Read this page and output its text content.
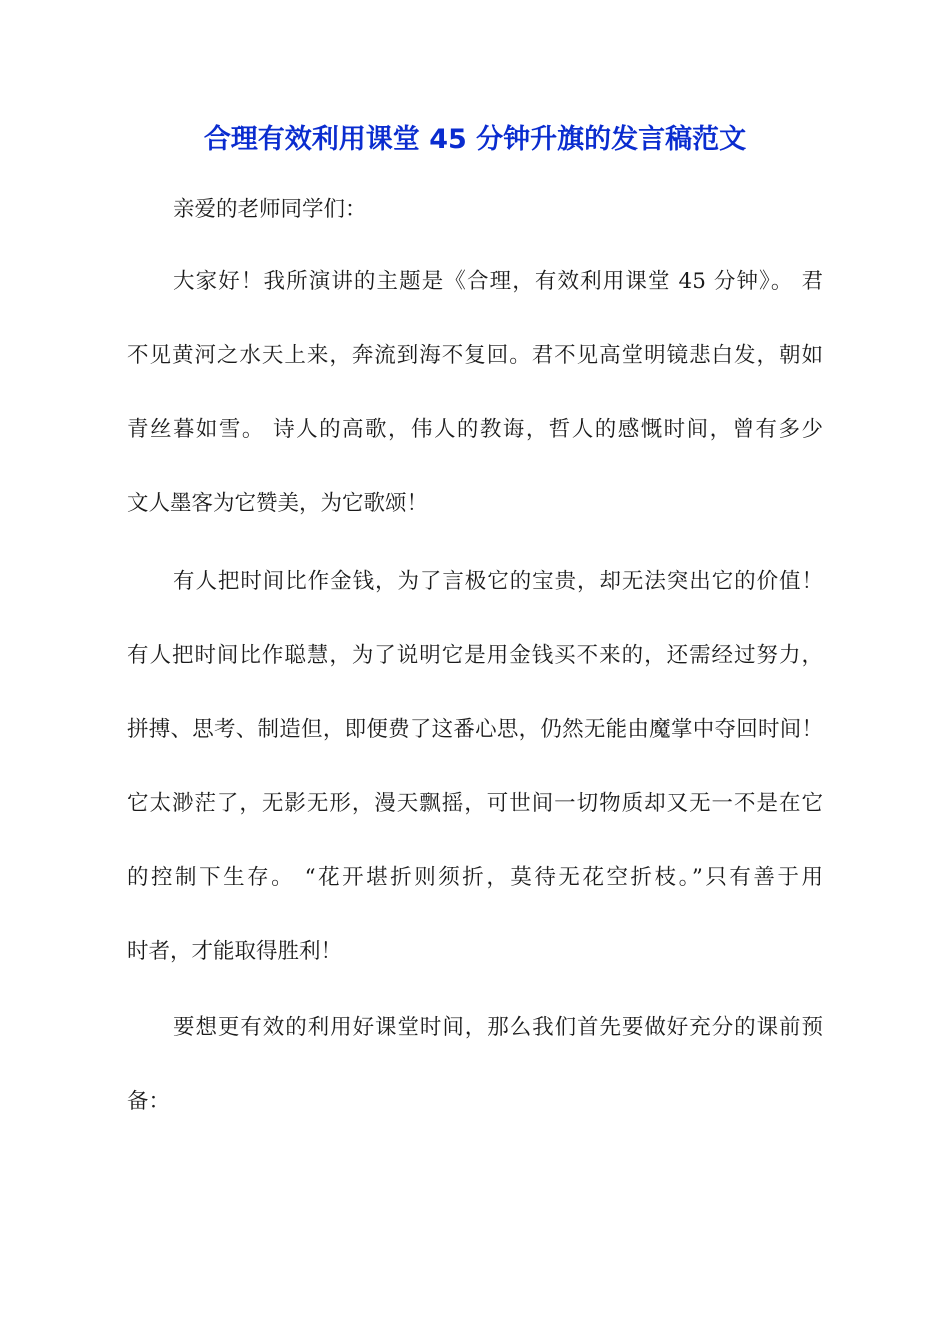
合理有效利用课堂 45 分钟升旗的发言稿范文
亲爱的老师同学们：
大家好！我所演讲的主题是《合理，有效利用课堂 45 分钟》。 君
不见黄河之水天上来，奔流到海不复回。君不见高堂明镜悲白发，朝如
青丝暮如雪。 诗人的高歌，伟人的教诲，哲人的感慨时间，曾有多少
文人墨客为它赞美，为它歌颂！
有人把时间比作金钱，为了言极它的宝贵，却无法突出它的价值！
有人把时间比作聪慧，为了说明它是用金钱买不来的，还需经过努力，
拼搏、思考、制造但，即便费了这番心思，仍然无能由魔掌中夺回时间！
它太渺茫了，无影无形，漫天飘摇，可世间一切物质却又无一不是在它
的控制下生存。 “花开堪折则须折，莫待无花空折枝。”只有善于用
时者，才能取得胜利！
要想更有效的利用好课堂时间，那么我们首先要做好充分的课前预
备：
